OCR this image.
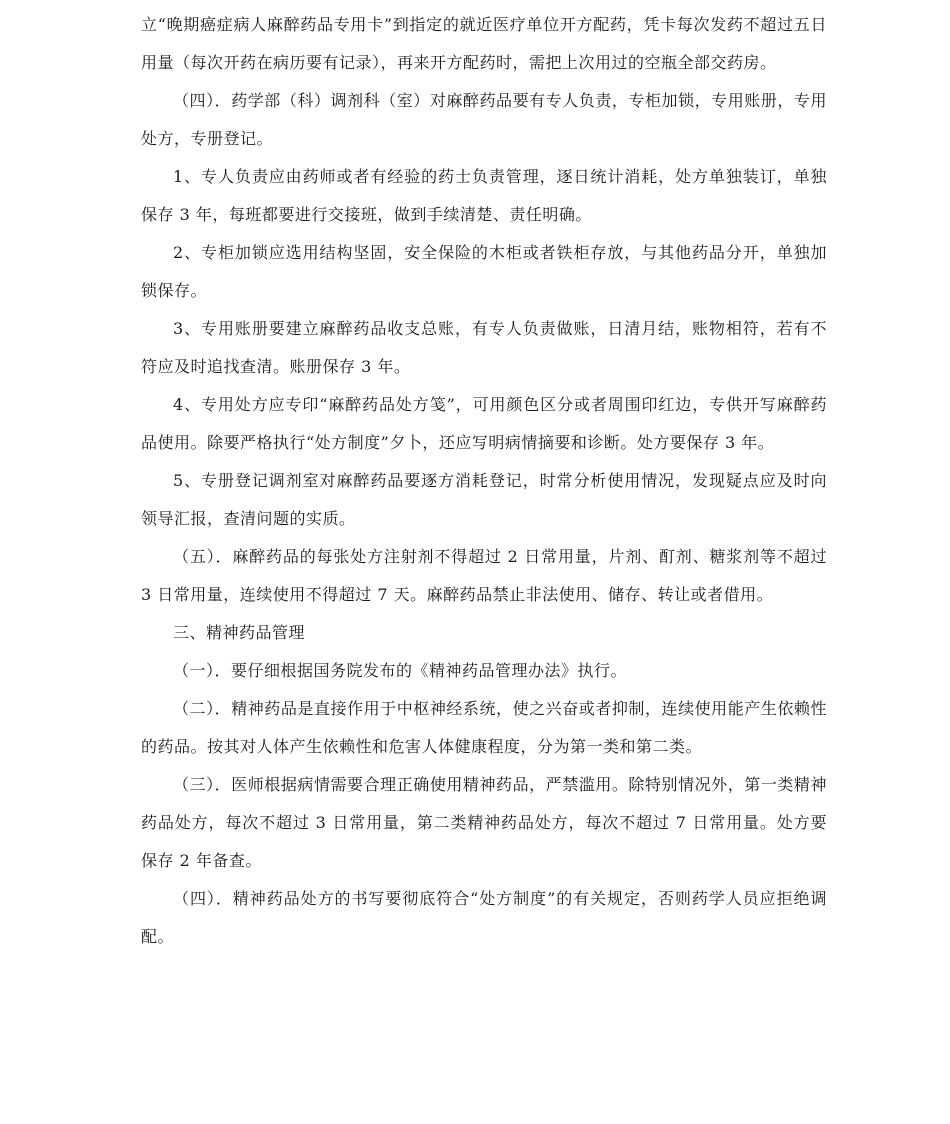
立“晚期癌症病人麻醉药品专用卡”到指定的就近医疗单位开方配药，凭卡每次发药不超过五日用量（每次开药在病历要有记录），再来开方配药时，需把上次用过的空瓶全部交药房。

（四）．药学部（科）调剂科（室）对麻醉药品要有专人负责，专柜加锁，专用账册，专用处方，专册登记。

1、专人负责应由药师或者有经验的药士负责管理，逐日统计消耗，处方单独装订，单独保存 3 年，每班都要进行交接班，做到手续清楚、责任明确。

2、专柜加锁应选用结构坚固，安全保险的木柜或者铁柜存放，与其他药品分开，单独加锁保存。

3、专用账册要建立麻醉药品收支总账，有专人负责做账，日清月结，账物相符，若有不符应及时追找查清。账册保存 3 年。

4、专用处方应专印“麻醉药品处方笺”，可用颜色区分或者周围印红边，专供开写麻醉药品使用。除要严格执行“处方制度”夕卜，还应写明病情摘要和诊断。处方要保存 3 年。

5、专册登记调剂室对麻醉药品要逐方消耗登记，时常分析使用情况，发现疑点应及时向领导汇报，查清问题的实质。

（五）．麻醉药品的每张处方注射剂不得超过 2 日常用量，片剂、酊剂、糖浆剂等不超过 3 日常用量，连续使用不得超过 7 天。麻醉药品禁止非法使用、储存、转让或者借用。

三、精神药品管理

（一）．要仔细根据国务院发布的《精神药品管理办法》执行。

（二）．精神药品是直接作用于中枢神经系统，使之兴奋或者抑制，连续使用能产生依赖性的药品。按其对人体产生依赖性和危害人体健康程度，分为第一类和第二类。

（三）．医师根据病情需要合理正确使用精神药品，严禁滥用。除特别情况外，第一类精神药品处方，每次不超过 3 日常用量，第二类精神药品处方，每次不超过 7 日常用量。处方要保存 2 年备查。

（四）．精神药品处方的书写要彻底符合“处方制度”的有关规定，否则药学人员应拒绝调配。
